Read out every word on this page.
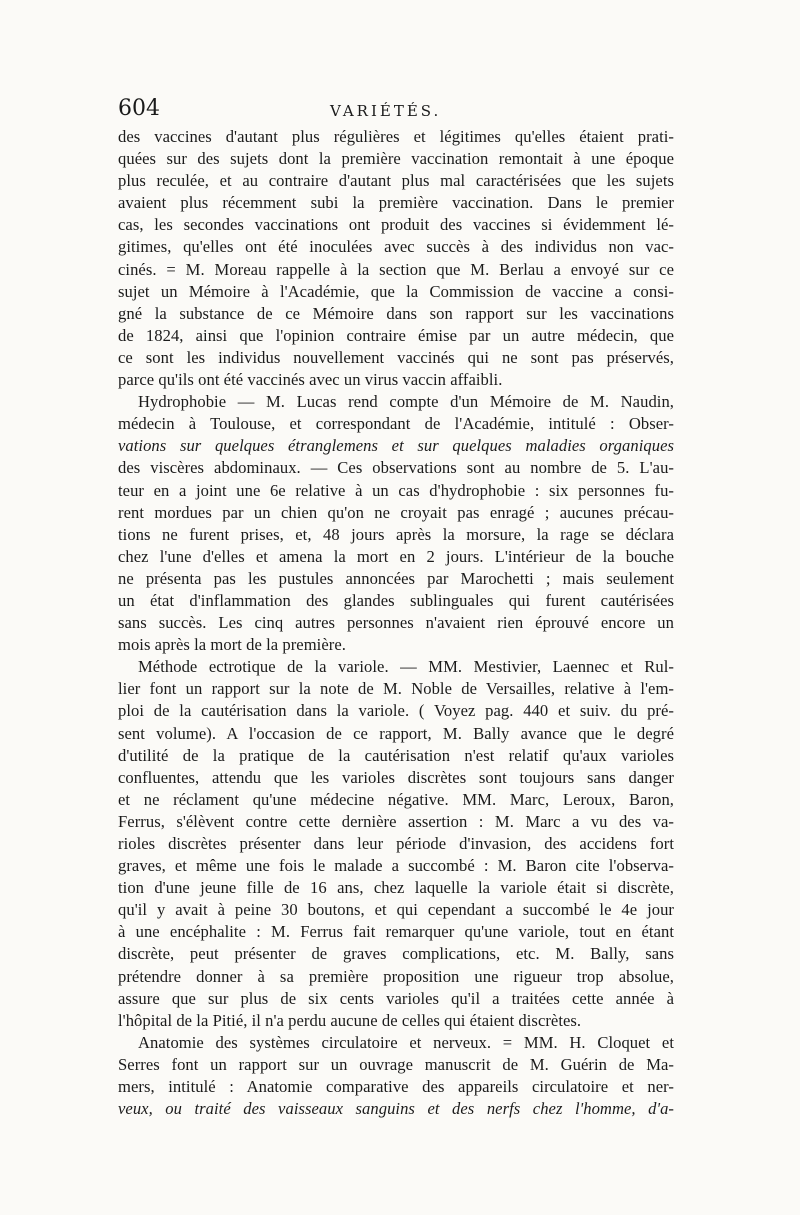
604	VARIÉTÉS.
des vaccines d'autant plus régulières et légitimes qu'elles étaient prati-
quées sur des sujets dont la première vaccination remontait à une époque
plus reculée, et au contraire d'autant plus mal caractérisées que les sujets
avaient plus récemment subi la première vaccination. Dans le premier
cas, les secondes vaccinations ont produit des vaccines si évidemment lé-
gitimes, qu'elles ont été inoculées avec succès à des individus non vac-
cinés. = M. Moreau rappelle à la section que M. Berlau a envoyé sur ce
sujet un Mémoire à l'Académie, que la Commission de vaccine a consi-
gné la substance de ce Mémoire dans son rapport sur les vaccinations
de 1824, ainsi que l'opinion contraire émise par un autre médecin, que
ce sont les individus nouvellement vaccinés qui ne sont pas préservés,
parce qu'ils ont été vaccinés avec un virus vaccin affaibli.
Hydrophobie — M. Lucas rend compte d'un Mémoire de M. Naudin,
médecin à Toulouse, et correspondant de l'Académie, intitulé : Obser-
vations sur quelques étranglemens et sur quelques maladies organiques
des viscères abdominaux. — Ces observations sont au nombre de 5. L'au-
teur en a joint une 6e relative à un cas d'hydrophobie : six personnes fu-
rent mordues par un chien qu'on ne croyait pas enragé ; aucunes précau-
tions ne furent prises, et, 48 jours après la morsure, la rage se déclara
chez l'une d'elles et amena la mort en 2 jours. L'intérieur de la bouche
ne présenta pas les pustules annoncées par Marochetti ; mais seulement
un état d'inflammation des glandes sublinguales qui furent cautérisées
sans succès. Les cinq autres personnes n'avaient rien éprouvé encore un
mois après la mort de la première.
Méthode ectrotique de la variole. — MM. Mestivier, Laennec et Rul-
lier font un rapport sur la note de M. Noble de Versailles, relative à l'em-
ploi de la cautérisation dans la variole. ( Voyez pag. 440 et suiv. du pré-
sent volume). A l'occasion de ce rapport, M. Bally avance que le degré
d'utilité de la pratique de la cautérisation n'est relatif qu'aux varioles
confluentes, attendu que les varioles discrètes sont toujours sans danger
et ne réclament qu'une médecine négative. MM. Marc, Leroux, Baron,
Ferrus, s'élèvent contre cette dernière assertion : M. Marc a vu des va-
rioles discrètes présenter dans leur période d'invasion, des accidens fort
graves, et même une fois le malade a succombé : M. Baron cite l'observa-
tion d'une jeune fille de 16 ans, chez laquelle la variole était si discrète,
qu'il y avait à peine 30 boutons, et qui cependant a succombé le 4e jour
à une encéphalite : M. Ferrus fait remarquer qu'une variole, tout en étant
discrète, peut présenter de graves complications, etc. M. Bally, sans
prétendre donner à sa première proposition une rigueur trop absolue,
assure que sur plus de six cents varioles qu'il a traitées cette année à
l'hôpital de la Pitié, il n'a perdu aucune de celles qui étaient discrètes.
Anatomie des systèmes circulatoire et nerveux. = MM. H. Cloquet et
Serres font un rapport sur un ouvrage manuscrit de M. Guérin de Ma-
mers, intitulé : Anatomie comparative des appareils circulatoire et ner-
veux, ou traité des vaisseaux sanguins et des nerfs chez l'homme, d'a-
